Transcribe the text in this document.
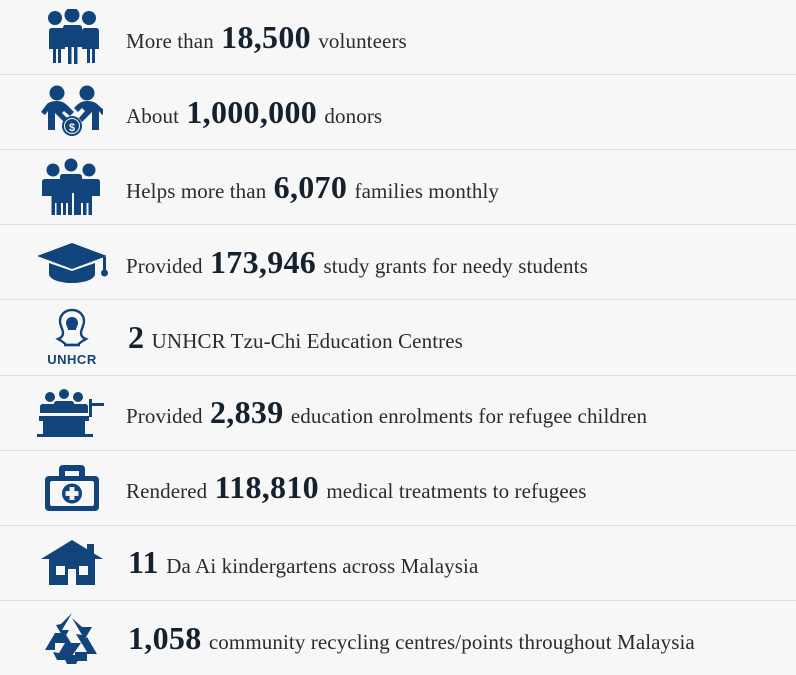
More than 18,500 volunteers
$
About 1,000,000 donors
Helps more than 6,070 families monthly
Provided 173,946 study grants for needy students
UNHCR
2 UNHCR Tzu-Chi Education Centres
Provided 2,839 education enrolments for refugee children
Rendered 118,810 medical treatments to refugees
11 Da Ai kindergartens across Malaysia
1,058 community recycling centres/points throughout Malaysia
